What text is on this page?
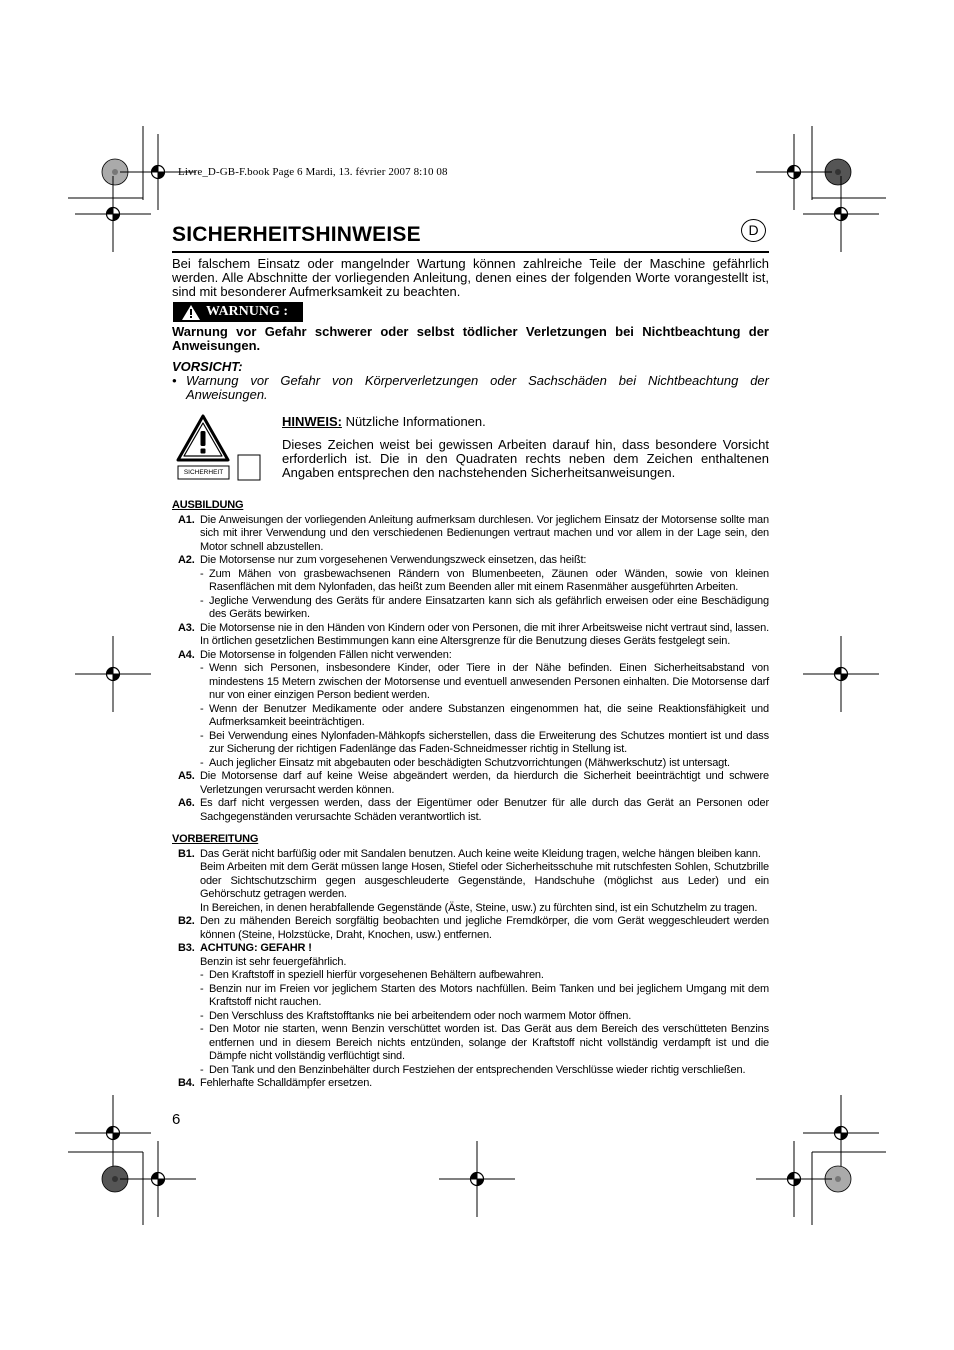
Livre_D-GB-F.book Page 6 Mardi, 13. février 2007 8:10 08
SICHERHEITSHINWEISE	D
Bei falschem Einsatz oder mangelnder Wartung können zahlreiche Teile der Maschine gefährlich werden. Alle Abschnitte der vorliegenden Anleitung, denen eines der folgenden Worte vorangestellt ist, sind mit besonderer Aufmerksamkeit zu beachten.
WARNUNG :
Warnung vor Gefahr schwerer oder selbst tödlicher Verletzungen bei Nichtbeachtung der Anweisungen.
VORSICHT:
• Warnung vor Gefahr von Körperverletzungen oder Sachschäden bei Nichtbeachtung der Anweisungen.
SICHERHEIT
HINWEIS: Nützliche Informationen.
Dieses Zeichen weist bei gewissen Arbeiten darauf hin, dass besondere Vorsicht erforderlich ist. Die in den Quadraten rechts neben dem Zeichen enthaltenen Angaben entsprechen den nachstehenden Sicherheitsanweisungen.
AUSBILDUNG
A1. Die Anweisungen der vorliegenden Anleitung aufmerksam durchlesen. Vor jeglichem Einsatz der Motorsense sollte man sich mit ihrer Verwendung und den verschiedenen Bedienungen vertraut machen und vor allem in der Lage sein, den Motor schnell abzustellen.
A2. Die Motorsense nur zum vorgesehenen Verwendungszweck einsetzen, das heißt:
- Zum Mähen von grasbewachsenen Rändern von Blumenbeeten, Zäunen oder Wänden, sowie von kleinen Rasenflächen mit dem Nylonfaden, das heißt zum Beenden aller mit einem Rasenmäher ausgeführten Arbeiten.
- Jegliche Verwendung des Geräts für andere Einsatzarten kann sich als gefährlich erweisen oder eine Beschädigung des Geräts bewirken.
A3. Die Motorsense nie in den Händen von Kindern oder von Personen, die mit ihrer Arbeitsweise nicht vertraut sind, lassen. In örtlichen gesetzlichen Bestimmungen kann eine Altersgrenze für die Benutzung dieses Geräts festgelegt sein.
A4. Die Motorsense in folgenden Fällen nicht verwenden:
- Wenn sich Personen, insbesondere Kinder, oder Tiere in der Nähe befinden. Einen Sicherheitsabstand von mindestens 15 Metern zwischen der Motorsense und eventuell anwesenden Personen einhalten. Die Motorsense darf nur von einer einzigen Person bedient werden.
- Wenn der Benutzer Medikamente oder andere Substanzen eingenommen hat, die seine Reaktionsfähigkeit und Aufmerksamkeit beeinträchtigen.
- Bei Verwendung eines Nylonfaden-Mähkopfs sicherstellen, dass die Erweiterung des Schutzes montiert ist und dass zur Sicherung der richtigen Fadenlänge das Faden-Schneidmesser richtig in Stellung ist.
- Auch jeglicher Einsatz mit abgebauten oder beschädigten Schutzvorrichtungen (Mähwerkschutz) ist untersagt.
A5. Die Motorsense darf auf keine Weise abgeändert werden, da hierdurch die Sicherheit beeinträchtigt und schwere Verletzungen verursacht werden können.
A6. Es darf nicht vergessen werden, dass der Eigentümer oder Benutzer für alle durch das Gerät an Personen oder Sachgegenständen verursachte Schäden verantwortlich ist.
VORBEREITUNG
B1. Das Gerät nicht barfüßig oder mit Sandalen benutzen. Auch keine weite Kleidung tragen, welche hängen bleiben kann.
Beim Arbeiten mit dem Gerät müssen lange Hosen, Stiefel oder Sicherheitsschuhe mit rutschfesten Sohlen, Schutzbrille oder Sichtschutzschirm gegen ausgeschleuderte Gegenstände, Handschuhe (möglichst aus Leder) und ein Gehörschutz getragen werden.
In Bereichen, in denen herabfallende Gegenstände (Äste, Steine, usw.) zu fürchten sind, ist ein Schutzhelm zu tragen.
B2. Den zu mähenden Bereich sorgfältig beobachten und jegliche Fremdkörper, die vom Gerät weggeschleudert werden können (Steine, Holzstücke, Draht, Knochen, usw.) entfernen.
B3. ACHTUNG: GEFAHR !
Benzin ist sehr feuergefährlich.
- Den Kraftstoff in speziell hierfür vorgesehenen Behältern aufbewahren.
- Benzin nur im Freien vor jeglichem Starten des Motors nachfüllen. Beim Tanken und bei jeglichem Umgang mit dem Kraftstoff nicht rauchen.
- Den Verschluss des Kraftstofftanks nie bei arbeitendem oder noch warmem Motor öffnen.
- Den Motor nie starten, wenn Benzin verschüttet worden ist. Das Gerät aus dem Bereich des verschütteten Benzins entfernen und in diesem Bereich nichts entzünden, solange der Kraftstoff nicht vollständig verdampft ist und die Dämpfe nicht vollständig verflüchtigt sind.
- Den Tank und den Benzinbehälter durch Festziehen der entsprechenden Verschlüsse wieder richtig verschließen.
B4. Fehlerhafte Schalldämpfer ersetzen.
6
